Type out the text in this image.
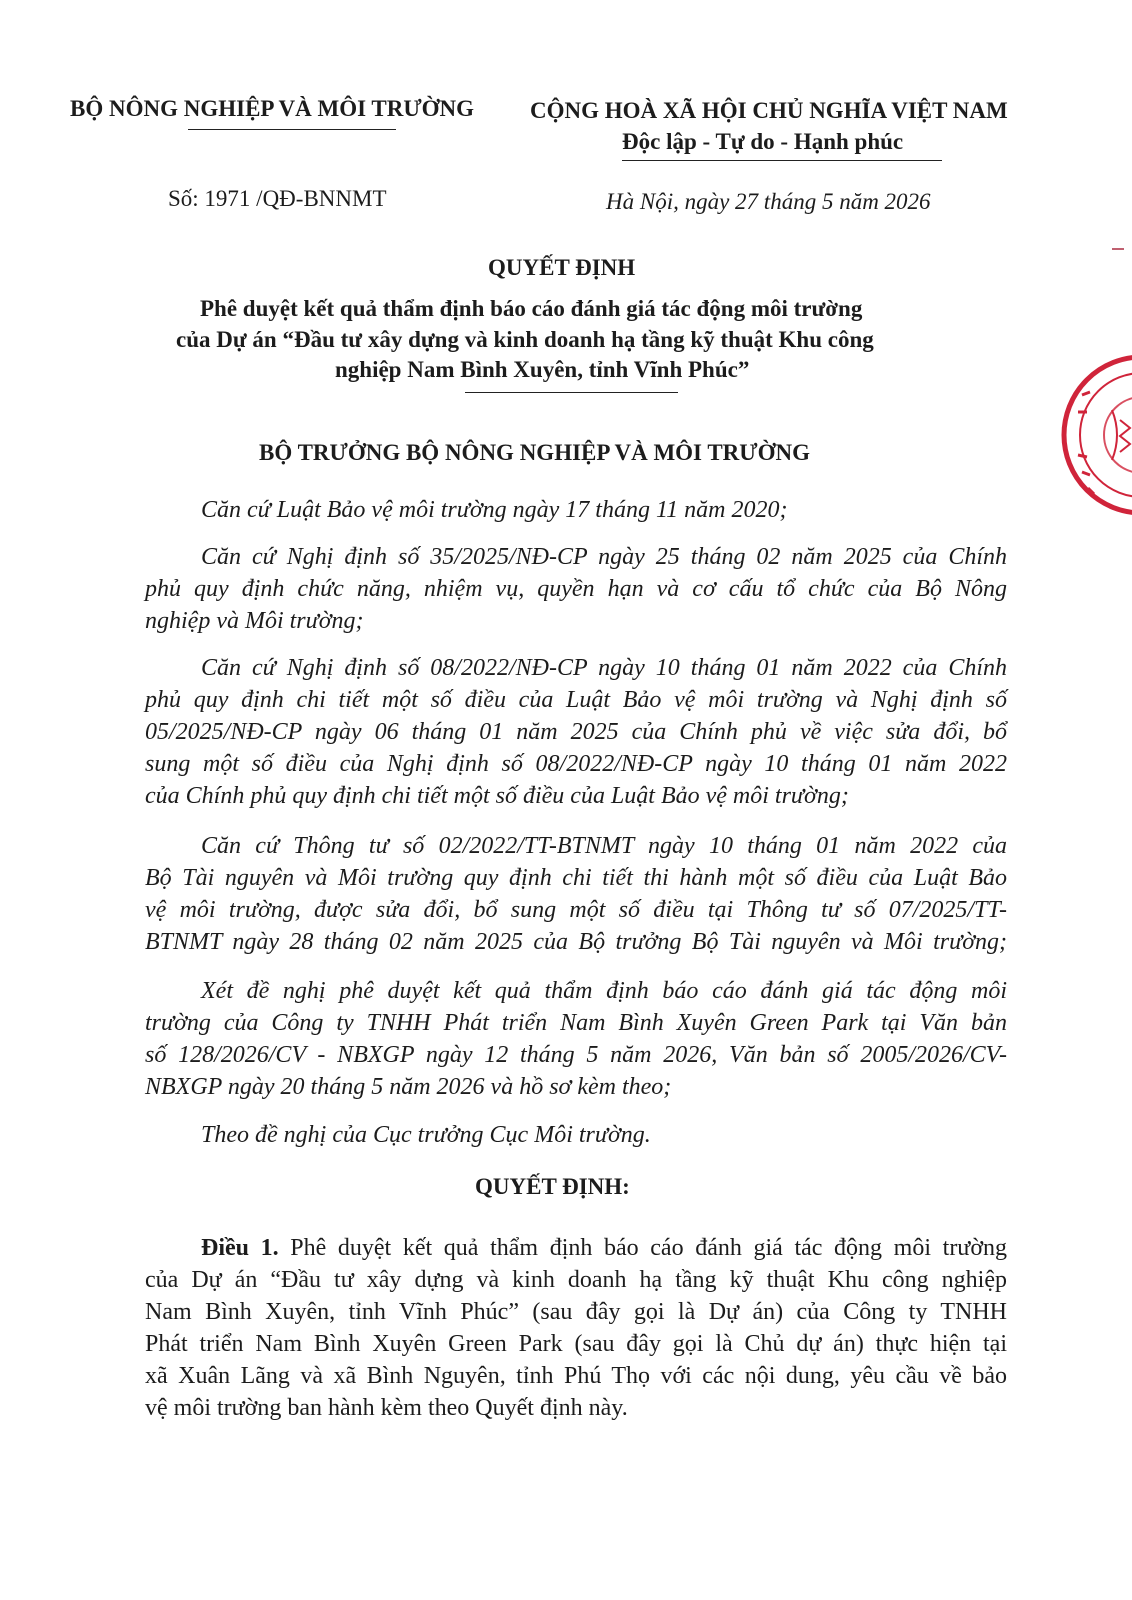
BỘ NÔNG NGHIỆP VÀ MÔI TRƯỜNG CỘNG HOÀ XÃ HỘI CHỦ NGHĨA VIỆT NAM
Độc lập - Tự do - Hạnh phúc
Số: 1971 /QĐ-BNNMT	Hà Nội, ngày 27 tháng 5 năm 2026
QUYẾT ĐỊNH
Phê duyệt kết quả thẩm định báo cáo đánh giá tác động môi trường
của Dự án “Đầu tư xây dựng và kinh doanh hạ tầng kỹ thuật Khu công
nghiệp Nam Bình Xuyên, tỉnh Vĩnh Phúc”
BỘ TRƯỞNG BỘ NÔNG NGHIỆP VÀ MÔI TRƯỜNG
Căn cứ Luật Bảo vệ môi trường ngày 17 tháng 11 năm 2020;
Căn cứ Nghị định số 35/2025/NĐ-CP ngày 25 tháng 02 năm 2025 của Chính
phủ quy định chức năng, nhiệm vụ, quyền hạn và cơ cấu tổ chức của Bộ Nông
nghiệp và Môi trường;
Căn cứ Nghị định số 08/2022/NĐ-CP ngày 10 tháng 01 năm 2022 của Chính
phủ quy định chi tiết một số điều của Luật Bảo vệ môi trường và Nghị định số
05/2025/NĐ-CP ngày 06 tháng 01 năm 2025 của Chính phủ về việc sửa đổi, bổ
sung một số điều của Nghị định số 08/2022/NĐ-CP ngày 10 tháng 01 năm 2022
của Chính phủ quy định chi tiết một số điều của Luật Bảo vệ môi trường;
Căn cứ Thông tư số 02/2022/TT-BTNMT ngày 10 tháng 01 năm 2022 của
Bộ Tài nguyên và Môi trường quy định chi tiết thi hành một số điều của Luật Bảo
vệ môi trường, được sửa đổi, bổ sung một số điều tại Thông tư số 07/2025/TT-
BTNMT ngày 28 tháng 02 năm 2025 của Bộ trưởng Bộ Tài nguyên và Môi trường;
Xét đề nghị phê duyệt kết quả thẩm định báo cáo đánh giá tác động môi
trường của Công ty TNHH Phát triển Nam Bình Xuyên Green Park tại Văn bản
số 128/2026/CV - NBXGP ngày 12 tháng 5 năm 2026, Văn bản số 2005/2026/CV-
NBXGP ngày 20 tháng 5 năm 2026 và hồ sơ kèm theo;
Theo đề nghị của Cục trưởng Cục Môi trường.
QUYẾT ĐỊNH:
Điều 1. Phê duyệt kết quả thẩm định báo cáo đánh giá tác động môi trường
của Dự án “Đầu tư xây dựng và kinh doanh hạ tầng kỹ thuật Khu công nghiệp
Nam Bình Xuyên, tỉnh Vĩnh Phúc” (sau đây gọi là Dự án) của Công ty TNHH
Phát triển Nam Bình Xuyên Green Park (sau đây gọi là Chủ dự án) thực hiện tại
xã Xuân Lãng và xã Bình Nguyên, tỉnh Phú Thọ với các nội dung, yêu cầu về bảo
vệ môi trường ban hành kèm theo Quyết định này.
